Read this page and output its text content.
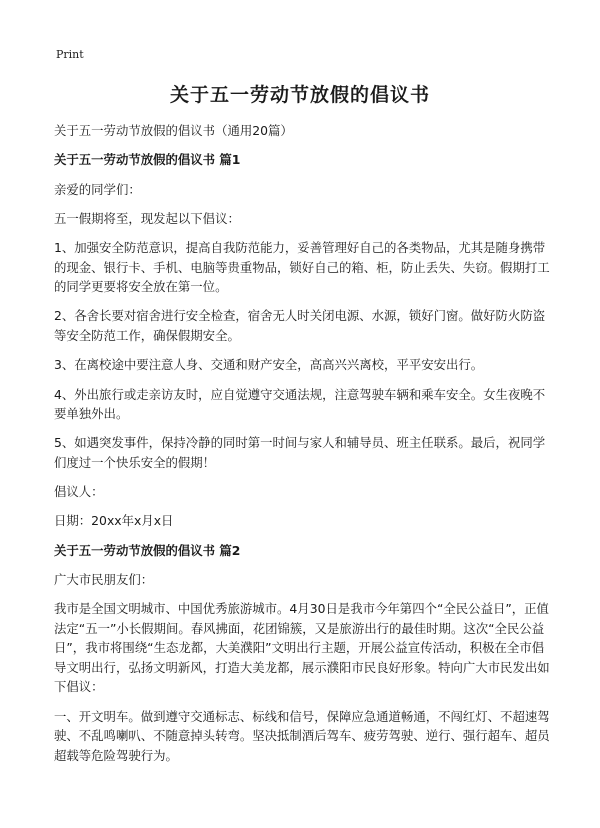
Print
关于五一劳动节放假的倡议书

关于五一劳动节放假的倡议书（通用20篇）

关于五一劳动节放假的倡议书 篇1

亲爱的同学们：

五一假期将至，现发起以下倡议：

1、加强安全防范意识，提高自我防范能力，妥善管理好自己的各类物品，尤其是随身携带的现金、银行卡、手机、电脑等贵重物品，锁好自己的箱、柜，防止丢失、失窃。假期打工的同学更要将安全放在第一位。

2、各舍长要对宿舍进行安全检查，宿舍无人时关闭电源、水源，锁好门窗。做好防火防盗等安全防范工作，确保假期安全。

3、在离校途中要注意人身、交通和财产安全，高高兴兴离校，平平安安出行。

4、外出旅行或走亲访友时，应自觉遵守交通法规，注意驾驶车辆和乘车安全。女生夜晚不要单独外出。

5、如遇突发事件，保持冷静的同时第一时间与家人和辅导员、班主任联系。最后，祝同学们度过一个快乐安全的假期！

倡议人：

日期：20xx年x月x日

关于五一劳动节放假的倡议书 篇2

广大市民朋友们：

我市是全国文明城市、中国优秀旅游城市。4月30日是我市今年第四个“全民公益日”，正值法定“五一”小长假期间。春风拂面，花团锦簇，又是旅游出行的最佳时期。这次“全民公益日”，我市将围绕“生态龙都，大美濮阳”文明出行主题，开展公益宣传活动，积极在全市倡导文明出行，弘扬文明新风，打造大美龙都，展示濮阳市民良好形象。特向广大市民发出如下倡议：

一、开文明车。做到遵守交通标志、标线和信号，保障应急通道畅通，不闯红灯、不超速驾驶、不乱鸣喇叭、不随意掉头转弯。坚决抵制酒后驾车、疲劳驾驶、逆行、强行超车、超员超载等危险驾驶行为。
